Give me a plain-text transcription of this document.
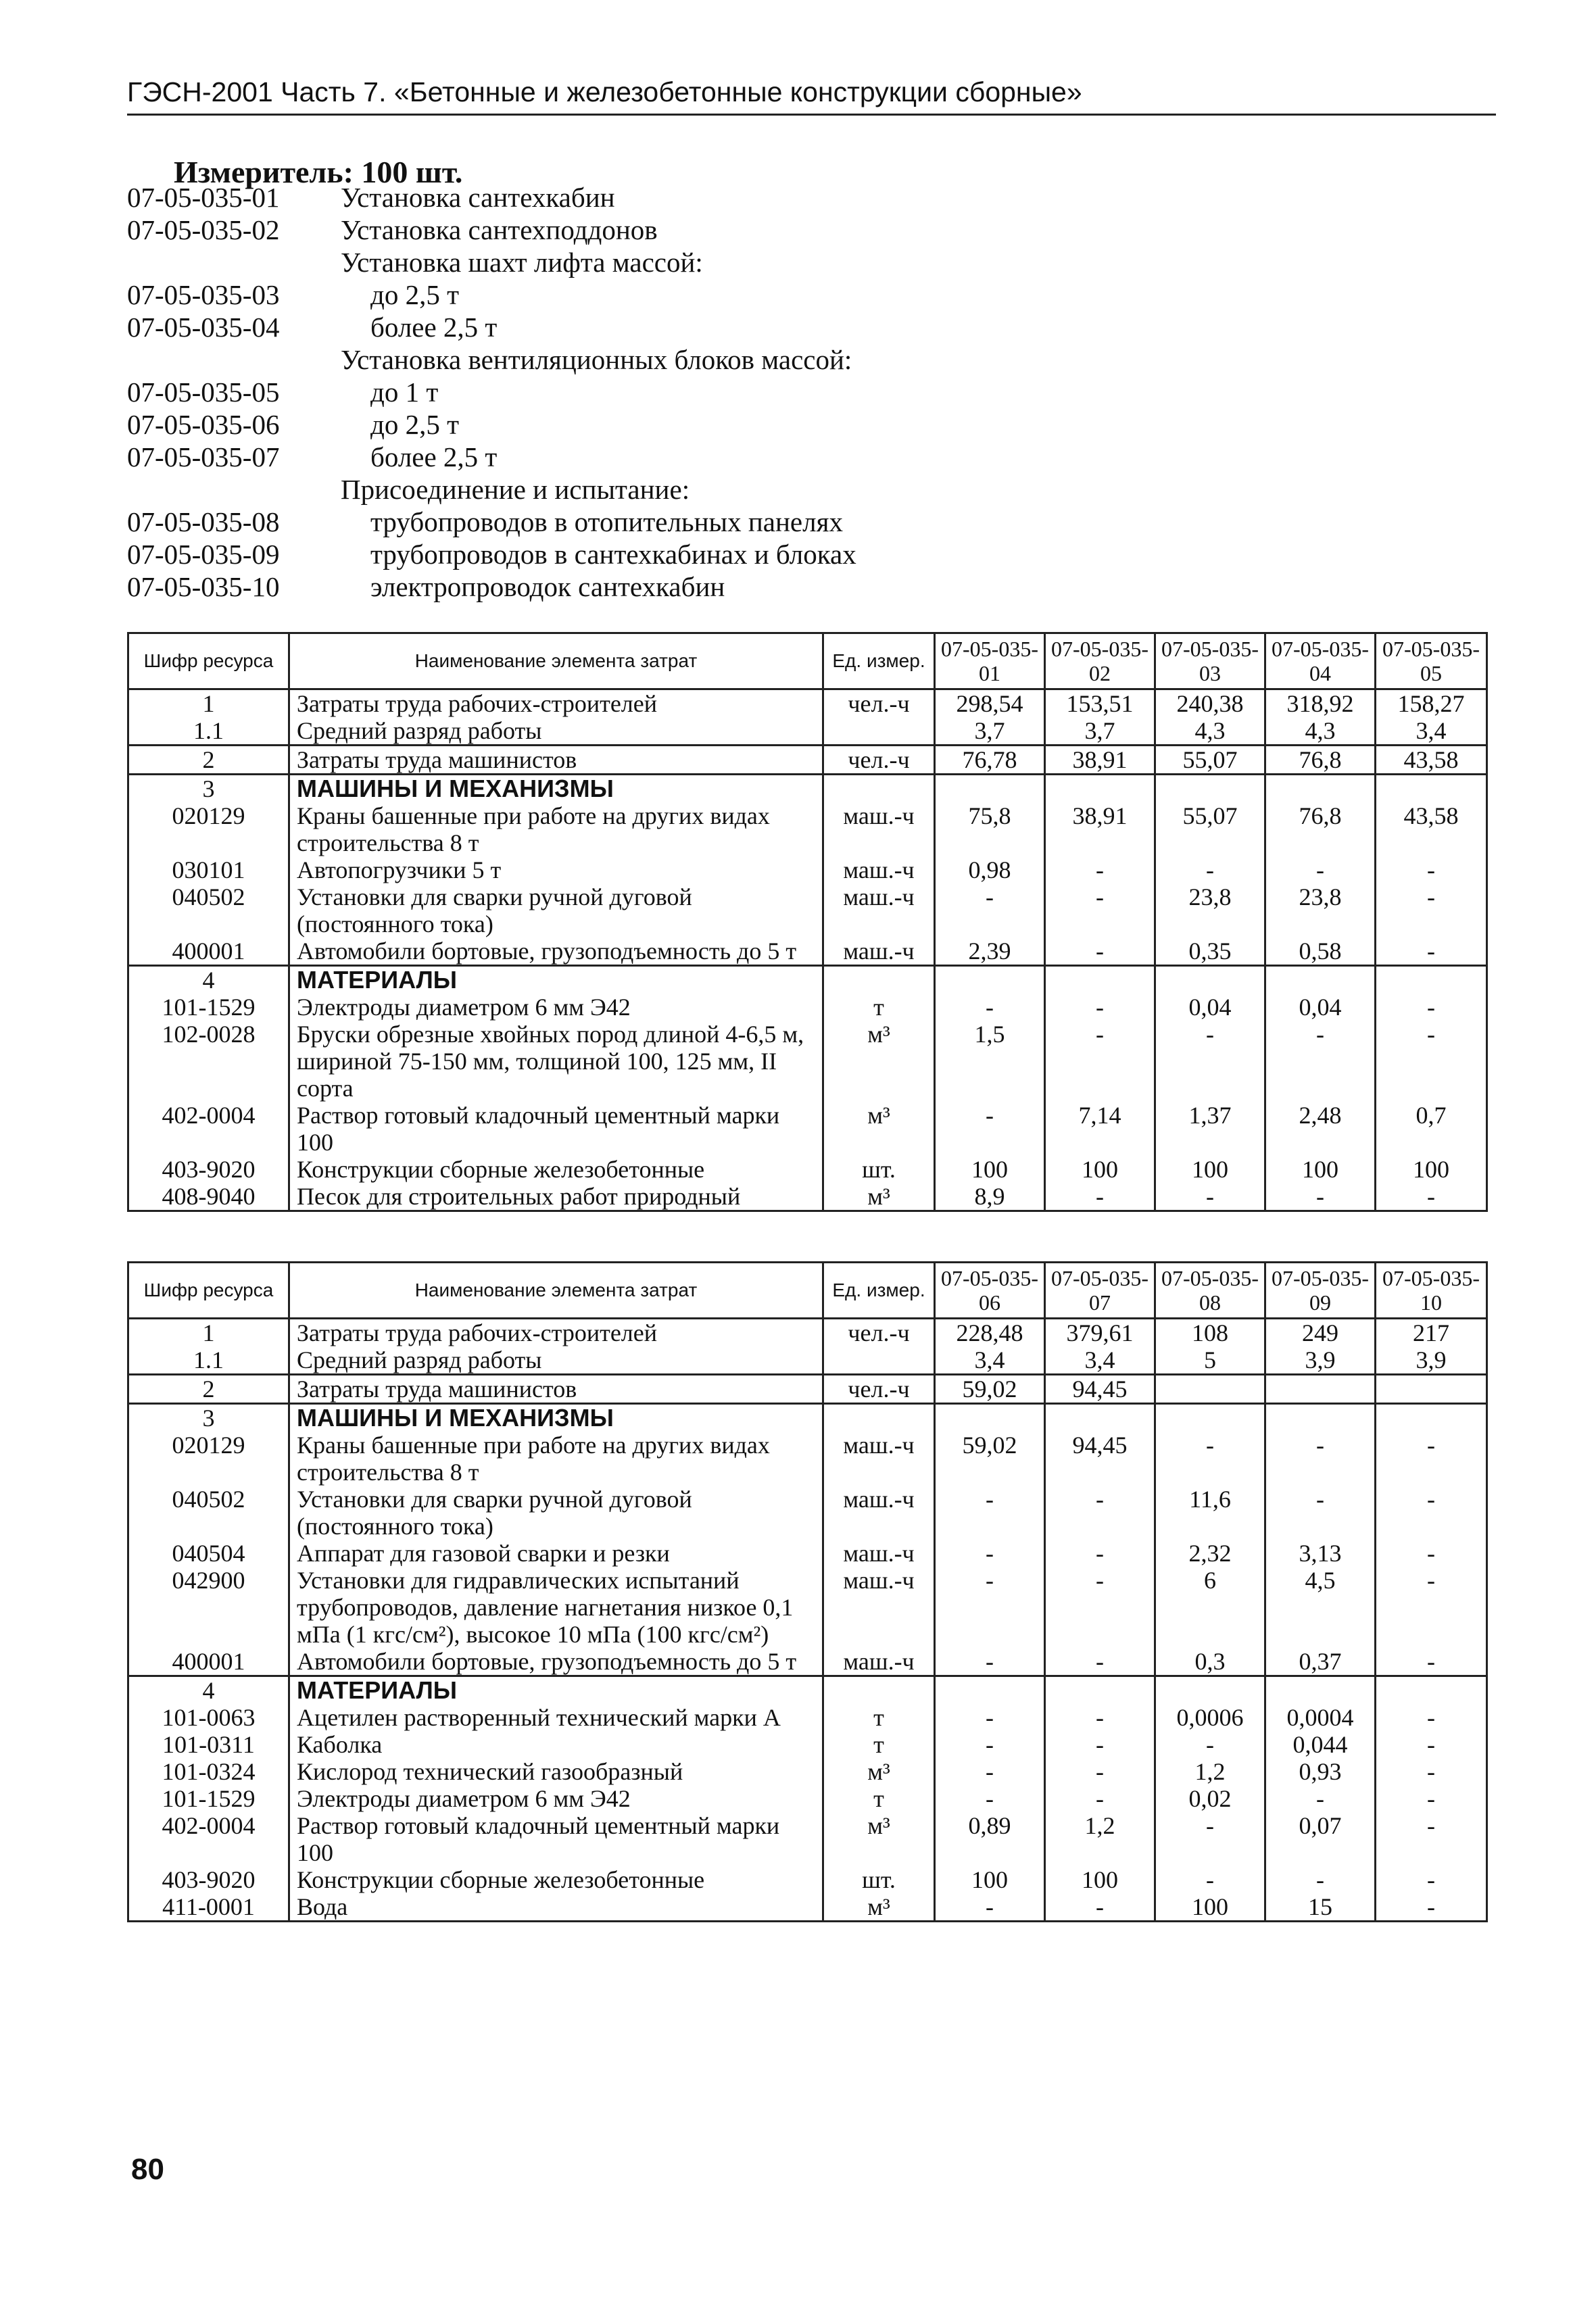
ГЭСН-2001 Часть 7. «Бетонные и железобетонные конструкции сборные»
Измеритель: 100 шт.
07-05-035-01 Установка сантехкабин
07-05-035-02 Установка сантехподдонов
Установка шахт лифта массой:
07-05-035-03	до 2,5 т
07-05-035-04	более 2,5 т
Установка вентиляционных блоков массой:
07-05-035-05	до 1 т
07-05-035-06	до 2,5 т
07-05-035-07	более 2,5 т
Присоединение и испытание:
07-05-035-08	трубопроводов в отопительных панелях
07-05-035-09	трубопроводов в сантехкабинах и блоках
07-05-035-10	электропроводок сантехкабин
Шифр ресурса	Наименование элемента затрат	Ед. измер.	07-05-035-01	07-05-035-02	07-05-035-03	07-05-035-04	07-05-035-05
1	Затраты труда рабочих-строителей	чел.-ч	298,54	153,51	240,38	318,92	158,27
1.1	Средний разряд работы		3,7	3,7	4,3	4,3	3,4
2	Затраты труда машинистов	чел.-ч	76,78	38,91	55,07	76,8	43,58
3	МАШИНЫ И МЕХАНИЗМЫ						
020129	Краны башенные при работе на других видах строительства 8 т	маш.-ч	75,8	38,91	55,07	76,8	43,58
030101	Автопогрузчики 5 т	маш.-ч	0,98	-	-	-	-
040502	Установки для сварки ручной дуговой (постоянного тока)	маш.-ч	-	-	23,8	23,8	-
400001	Автомобили бортовые, грузоподъемность до 5 т	маш.-ч	2,39	-	0,35	0,58	-
4	МАТЕРИАЛЫ						
101-1529	Электроды диаметром 6 мм Э42	т	-	-	0,04	0,04	-
102-0028	Бруски обрезные хвойных пород длиной 4-6,5 м, шириной 75-150 мм, толщиной 100, 125 мм, II сорта	м³	1,5	-	-	-	-
402-0004	Раствор готовый кладочный цементный марки 100	м³	-	7,14	1,37	2,48	0,7
403-9020	Конструкции сборные железобетонные	шт.	100	100	100	100	100
408-9040	Песок для строительных работ природный	м³	8,9	-	-	-	-
Шифр ресурса	Наименование элемента затрат	Ед. измер.	07-05-035-06	07-05-035-07	07-05-035-08	07-05-035-09	07-05-035-10
1	Затраты труда рабочих-строителей	чел.-ч	228,48	379,61	108	249	217
1.1	Средний разряд работы		3,4	3,4	5	3,9	3,9
2	Затраты труда машинистов	чел.-ч	59,02	94,45			
3	МАШИНЫ И МЕХАНИЗМЫ						
020129	Краны башенные при работе на других видах строительства 8 т	маш.-ч	59,02	94,45	-	-	-
040502	Установки для сварки ручной дуговой (постоянного тока)	маш.-ч	-	-	11,6	-	-
040504	Аппарат для газовой сварки и резки	маш.-ч	-	-	2,32	3,13	-
042900	Установки для гидравлических испытаний трубопроводов, давление нагнетания низкое 0,1 мПа (1 кгс/см²), высокое 10 мПа (100 кгс/см²)	маш.-ч	-	-	6	4,5	-
400001	Автомобили бортовые, грузоподъемность до 5 т	маш.-ч	-	-	0,3	0,37	-
4	МАТЕРИАЛЫ						
101-0063	Ацетилен растворенный технический марки А	т	-	-	0,0006	0,0004	-
101-0311	Каболка	т	-	-	-	0,044	-
101-0324	Кислород технический газообразный	м³	-	-	1,2	0,93	-
101-1529	Электроды диаметром 6 мм Э42	т	-	-	0,02	-	-
402-0004	Раствор готовый кладочный цементный марки 100	м³	0,89	1,2	-	0,07	-
403-9020	Конструкции сборные железобетонные	шт.	100	100	-	-	-
411-0001	Вода	м³	-	-	100	15	-
80
